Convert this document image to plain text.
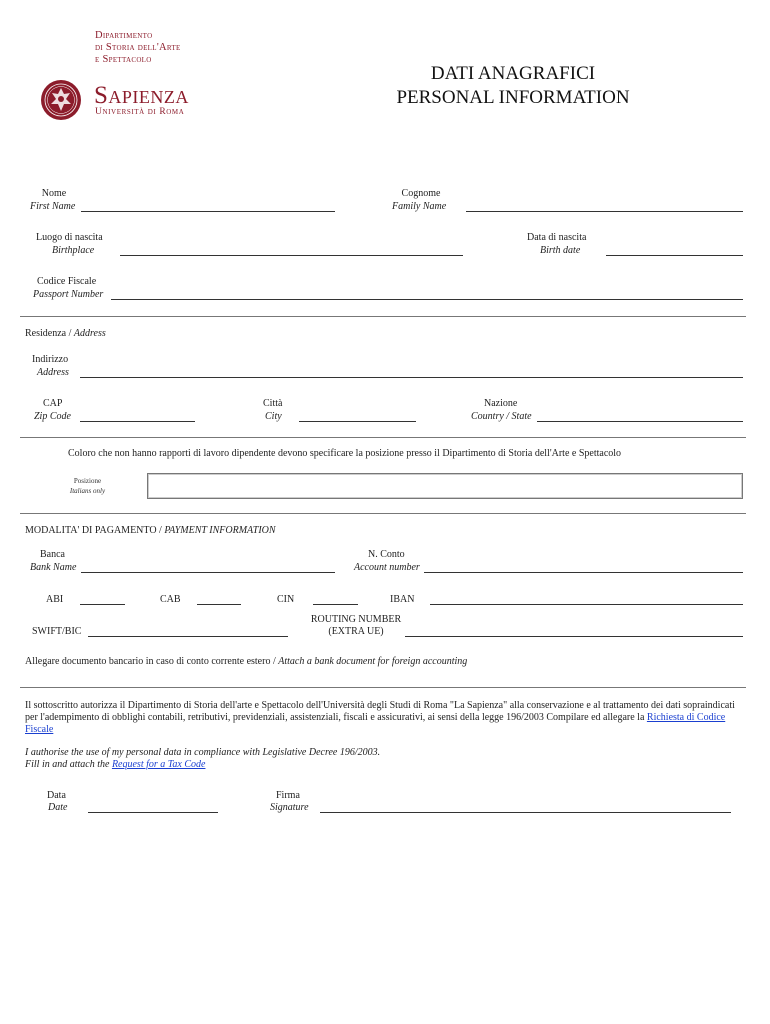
Dipartimento
di Storia dell'Arte
e Spettacolo
Sapienza
Università di Roma
DATI ANAGRAFICI
PERSONAL INFORMATION
Nome
First Name
Cognome
Family Name
Luogo di nascita
Birthplace
Data di nascita
Birth date
Codice Fiscale
Passport Number
Residenza / Address
Indirizzo
Address
CAP
Zip Code
Città
City
Nazione
Country / State
Coloro che non hanno rapporti di lavoro dipendente devono specificare la posizione presso il Dipartimento di Storia dell'Arte e Spettacolo
Posizione
Italians only
MODALITA' DI PAGAMENTO / PAYMENT INFORMATION
Banca
Bank Name
N. Conto
Account number
ABI	CAB	CIN	IBAN
SWIFT/BIC
ROUTING NUMBER
(EXTRA UE)
Allegare documento bancario in caso di conto corrente estero / Attach a bank document for foreign accounting
Il sottoscritto autorizza il Dipartimento di Storia dell'arte e Spettacolo dell'Università degli Studi di Roma "La Sapienza" alla conservazione e al trattamento dei dati sopraindicati per l'adempimento di obblighi contabili, retributivi, previdenziali, assistenziali, fiscali e assicurativi, ai sensi della legge 196/2003 Compilare ed allegare la Richiesta di Codice Fiscale
I authorise the use of my personal data in compliance with Legislative Decree 196/2003.
Fill in and attach the Request for a Tax Code
Data
Date
Firma
Signature
